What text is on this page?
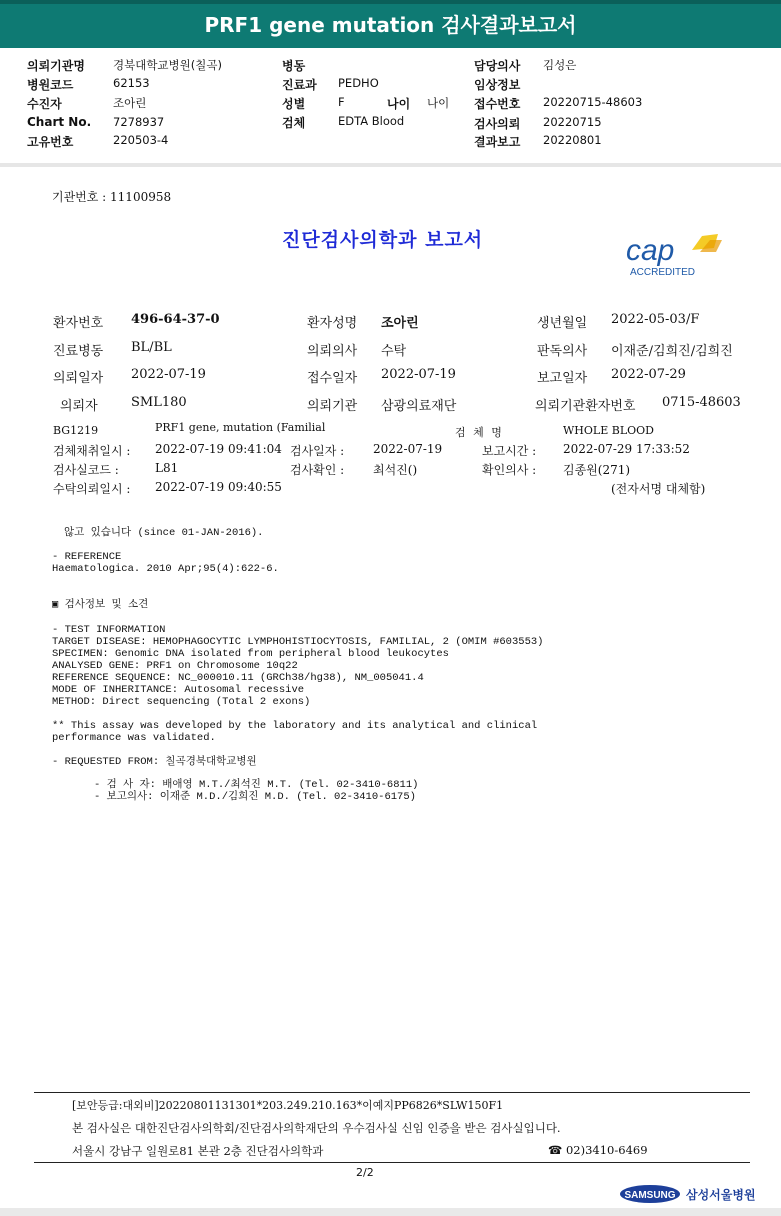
PRF1 gene mutation 검사결과보고서
의뢰기관명 경북대학교병원(칠곡)
병원코드	62153
수진자	조아린
Chart No. 7278937
고유번호	220503-4
병동
진료과 PEDHO
성별	F	나이 나이
검체	EDTA Blood
담당의사 김성은
임상정보
접수번호 20220715-48603
검사의뢰 20220715
결과보고 20220801
기관번호 : 11100958
진단검사의학과 보고서	cap
ACCREDITED
환자번호 496-64-37-0	환자성명 조아린	생년월일 2022-05-03/F
진료병동 BL/BL	의뢰의사 수탁	판독의사 이재준/김희진/김희진
의뢰일자 2022-07-19	접수일자 2022-07-19	보고일자 2022-07-29
의뢰자	SML180	의뢰기관 삼광의료재단	의뢰기관환자번호 0715-48603
BG1219	PRF1 gene, mutation (Familial	검 체 명	WHOLE BLOOD
검체채취일시 : 2022-07-19 09:41:04 검사일자 : 2022-07-19	보고시간 : 2022-07-29 17:33:52
검사실코드 :	L81	검사확인 : 최석진()	확인의사 : 김종원(271)
수탁의뢰일시 : 2022-07-19 09:40:55	(전자서명 대체함)
않고 있습니다 (since 01-JAN-2016).
- REFERENCE
Haematologica. 2010 Apr;95(4):622-6.
▣ 검사정보 및 소견
- TEST INFORMATION
TARGET DISEASE: HEMOPHAGOCYTIC LYMPHOHISTIOCYTOSIS, FAMILIAL, 2 (OMIM #603553)
SPECIMEN: Genomic DNA isolated from peripheral blood leukocytes
ANALYSED GENE: PRF1 on Chromosome 10q22
REFERENCE SEQUENCE: NC_000010.11 (GRCh38/hg38), NM_005041.4
MODE OF INHERITANCE: Autosomal recessive
METHOD: Direct sequencing (Total 2 exons)
** This assay was developed by the laboratory and its analytical and clinical
performance was validated.
- REQUESTED FROM: 칠곡경북대학교병원
- 검 사 자: 배애영 M.T./최석진 M.T. (Tel. 02-3410-6811)
- 보고의사: 이재준 M.D./김희진 M.D. (Tel. 02-3410-6175)
[보안등급:대외비]20220801131301*203.249.210.163*이예지PP6826*SLW150F1
본 검사실은 대한진단검사의학회/진단검사의학재단의 우수검사실 신임 인증을 받은 검사실입니다.
서울시 강남구 일원로81 본관 2층 진단검사의학과	☎ 02)3410-6469
2/2
SAMSUNG 삼성서울병원
